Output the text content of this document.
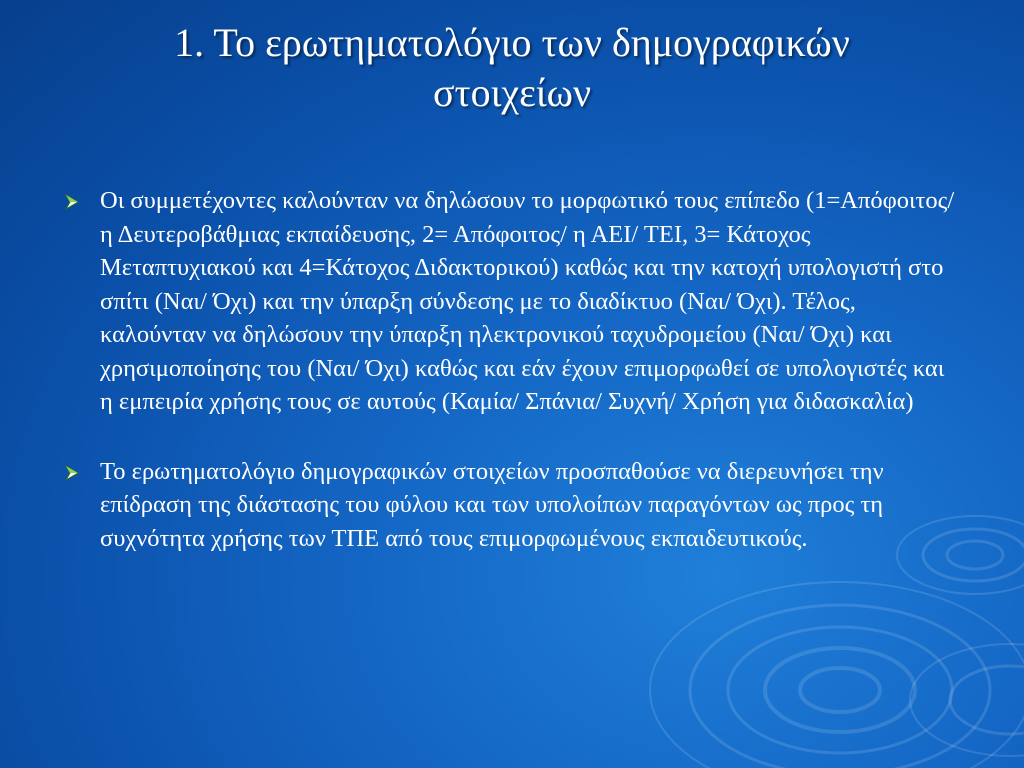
1. Το ερωτηματολόγιο των δημογραφικών
στοιχείων
Οι συμμετέχοντες καλούνταν να δηλώσουν το μορφωτικό τους επίπεδο (1=Απόφοιτος/η Δευτεροβάθμιας εκπαίδευσης, 2= Απόφοιτος/ η ΑΕΙ/ ΤΕΙ, 3= Κάτοχος Μεταπτυχιακού και 4=Κάτοχος Διδακτορικού) καθώς και την κατοχή υπολογιστή στο σπίτι (Ναι/ Όχι) και την ύπαρξη σύνδεσης με το διαδίκτυο (Ναι/ Όχι). Τέλος, καλούνταν να δηλώσουν την ύπαρξη ηλεκτρονικού ταχυδρομείου (Ναι/ Όχι) και χρησιμοποίησης του (Ναι/ Όχι) καθώς και εάν έχουν επιμορφωθεί σε υπολογιστές και η εμπειρία χρήσης τους σε αυτούς (Καμία/ Σπάνια/ Συχνή/ Χρήση για διδασκαλία)
Το ερωτηματολόγιο δημογραφικών στοιχείων προσπαθούσε να διερευνήσει την επίδραση της διάστασης του φύλου και των υπολοίπων παραγόντων ως προς τη συχνότητα χρήσης των ΤΠΕ από τους επιμορφωμένους εκπαιδευτικούς.
